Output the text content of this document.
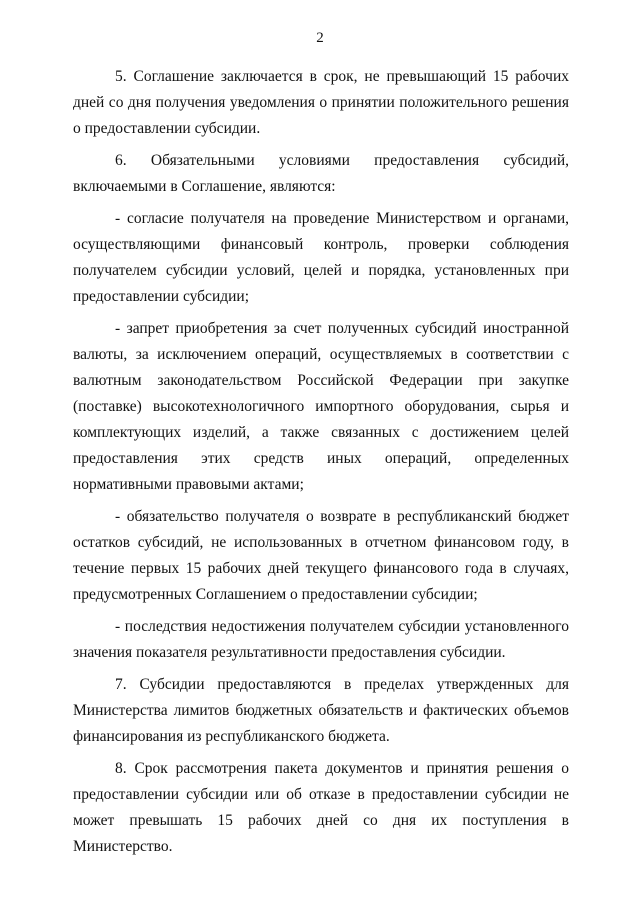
2

5. Соглашение заключается в срок, не превышающий 15 рабочих дней со дня получения уведомления о принятии положительного решения о предоставлении субсидии.

6. Обязательными условиями предоставления субсидий, включаемыми в Соглашение, являются:

- согласие получателя на проведение Министерством и органами, осуществляющими финансовый контроль, проверки соблюдения получателем субсидии условий, целей и порядка, установленных при предоставлении субсидии;

- запрет приобретения за счет полученных субсидий иностранной валюты, за исключением операций, осуществляемых в соответствии с валютным законодательством Российской Федерации при закупке (поставке) высокотехнологичного импортного оборудования, сырья и комплектующих изделий, а также связанных с достижением целей предоставления этих средств иных операций, определенных нормативными правовыми актами;

- обязательство получателя о возврате в республиканский бюджет остатков субсидий, не использованных в отчетном финансовом году, в течение первых 15 рабочих дней текущего финансового года в случаях, предусмотренных Соглашением о предоставлении субсидии;

- последствия недостижения получателем субсидии установленного значения показателя результативности предоставления субсидии.

7. Субсидии предоставляются в пределах утвержденных для Министерства лимитов бюджетных обязательств и фактических объемов финансирования из республиканского бюджета.

8. Срок рассмотрения пакета документов и принятия решения о предоставлении субсидии или об отказе в предоставлении субсидии не может превышать 15 рабочих дней со дня их поступления в Министерство.
